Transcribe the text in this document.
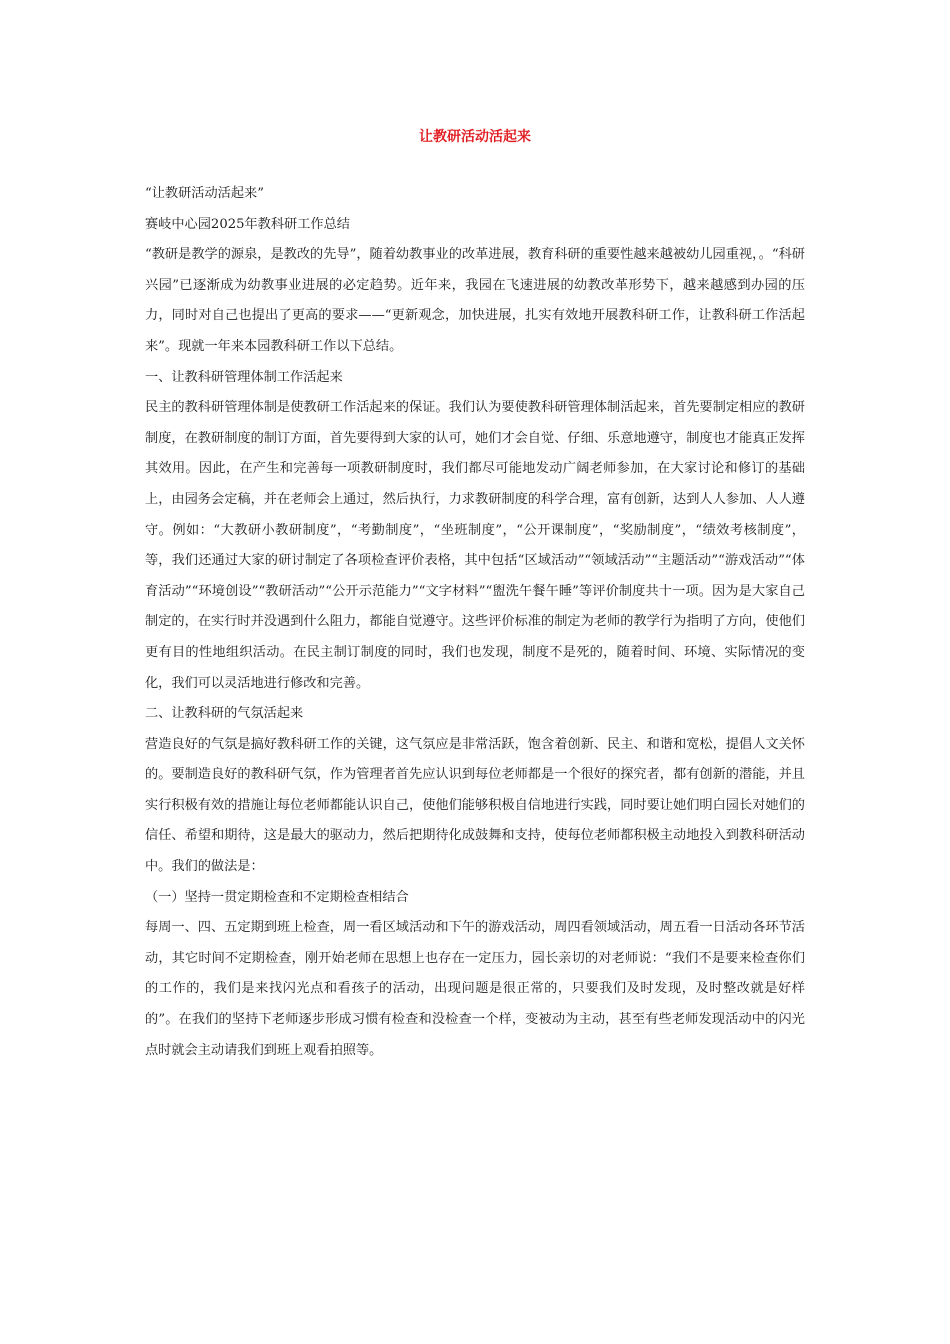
让教研活动活起来

“让教研活动活起来”

赛岐中心园2025年教科研工作总结

“教研是教学的源泉，是教改的先导”，随着幼教事业的改革进展，教育科研的重要性越来越被幼儿园重视，。“科研兴园”已逐渐成为幼教事业进展的必定趋势。近年来，我园在飞速进展的幼教改革形势下，越来越感到办园的压力，同时对自己也提出了更高的要求——“更新观念，加快进展，扎实有效地开展教科研工作，让教科研工作活起来”。现就一年来本园教科研工作以下总结。

一、让教科研管理体制工作活起来

民主的教科研管理体制是使教研工作活起来的保证。我们认为要使教科研管理体制活起来，首先要制定相应的教研制度，在教研制度的制订方面，首先要得到大家的认可，她们才会自觉、仔细、乐意地遵守，制度也才能真正发挥其效用。因此，在产生和完善每一项教研制度时，我们都尽可能地发动广阔老师参加，在大家讨论和修订的基础上，由园务会定稿，并在老师会上通过，然后执行，力求教研制度的科学合理，富有创新，达到人人参加、人人遵守。例如：“大教研小教研制度”，“考勤制度”，“坐班制度”，“公开课制度”，“奖励制度”，“绩效考核制度”，等，我们还通过大家的研讨制定了各项检查评价表格，其中包括“区域活动”“领域活动”“主题活动”“游戏活动”“体育活动”“环境创设”“教研活动”“公开示范能力”“文字材料”“盥洗午餐午睡”等评价制度共十一项。因为是大家自己制定的，在实行时并没遇到什么阻力，都能自觉遵守。这些评价标准的制定为老师的教学行为指明了方向，使他们更有目的性地组织活动。在民主制订制度的同时，我们也发现，制度不是死的，随着时间、环境、实际情况的变化，我们可以灵活地进行修改和完善。

二、让教科研的气氛活起来

营造良好的气氛是搞好教科研工作的关键，这气氛应是非常活跃，饱含着创新、民主、和谐和宽松，提倡人文关怀的。要制造良好的教科研气氛，作为管理者首先应认识到每位老师都是一个很好的探究者，都有创新的潜能，并且实行积极有效的措施让每位老师都能认识自己，使他们能够积极自信地进行实践，同时要让她们明白园长对她们的信任、希望和期待，这是最大的驱动力，然后把期待化成鼓舞和支持，使每位老师都积极主动地投入到教科研活动中。我们的做法是：

（一）坚持一贯定期检查和不定期检查相结合

每周一、四、五定期到班上检查，周一看区域活动和下午的游戏活动，周四看领域活动，周五看一日活动各环节活动，其它时间不定期检查，刚开始老师在思想上也存在一定压力，园长亲切的对老师说：“我们不是要来检查你们的工作的，我们是来找闪光点和看孩子的活动，出现问题是很正常的，只要我们及时发现，及时整改就是好样的”。在我们的坚持下老师逐步形成习惯有检查和没检查一个样，变被动为主动，甚至有些老师发现活动中的闪光点时就会主动请我们到班上观看拍照等。
